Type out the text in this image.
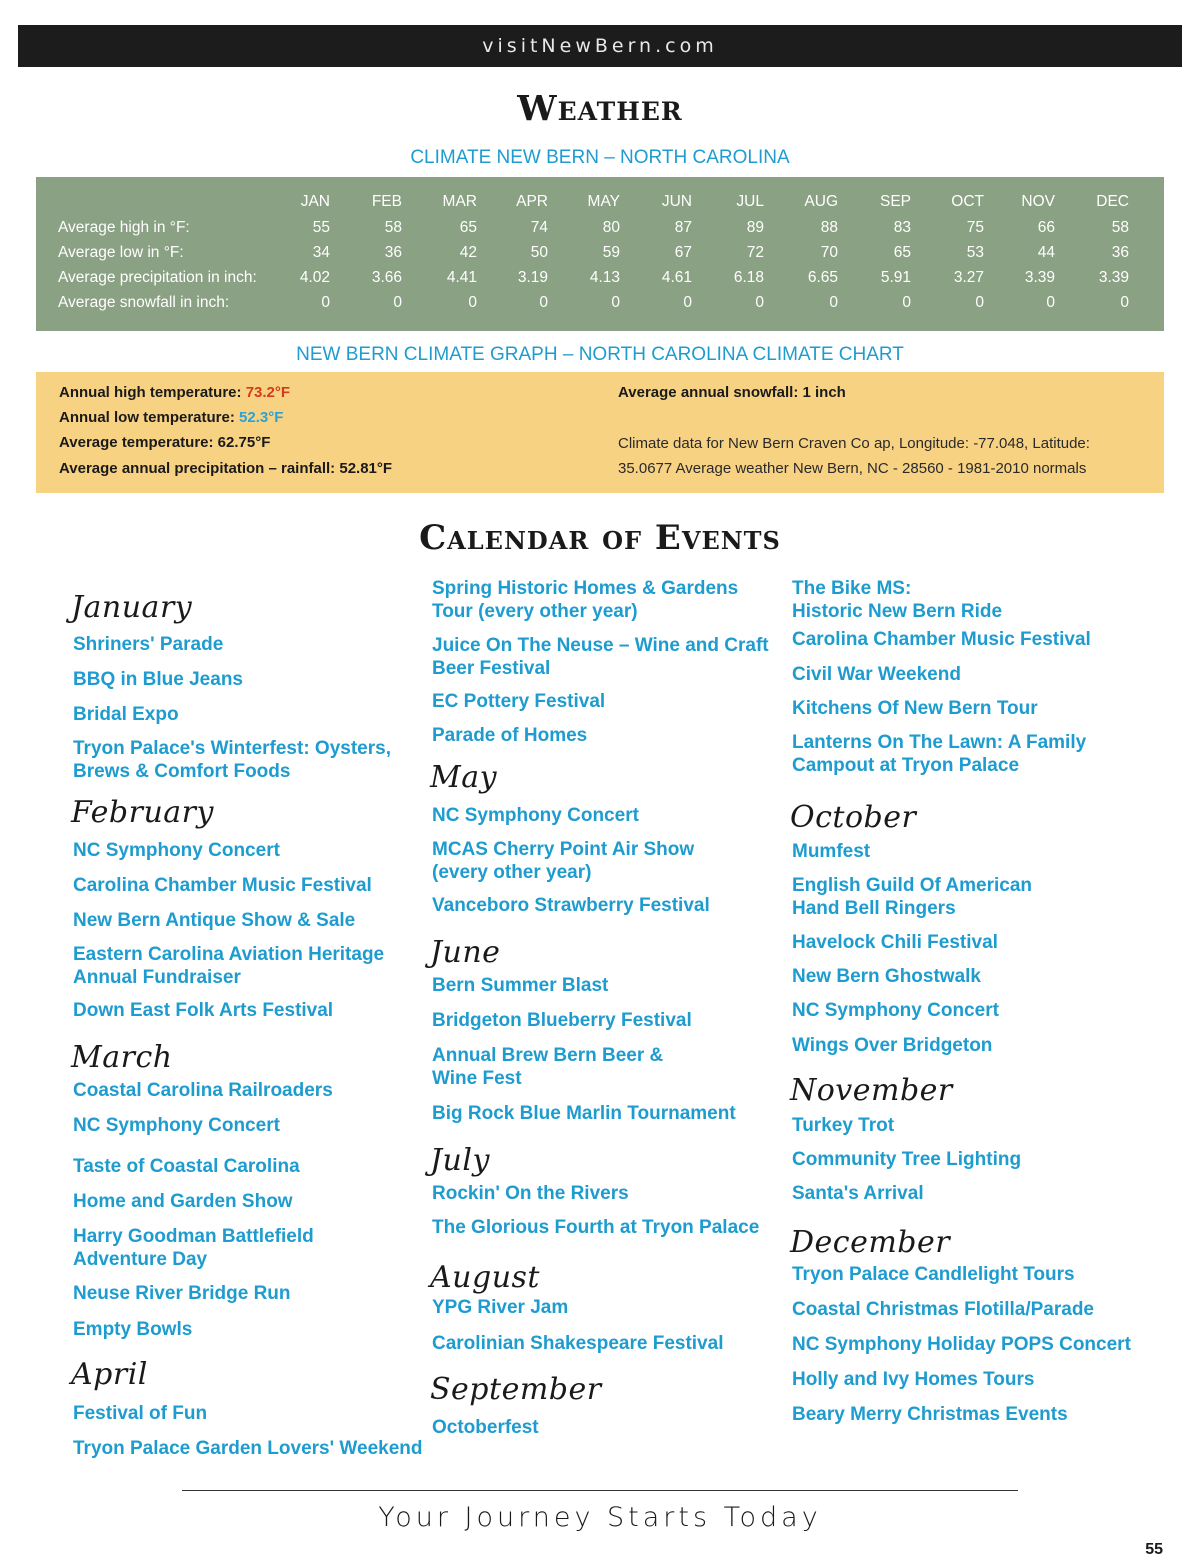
visitNewBern.com
Weather
CLIMATE NEW BERN – NORTH CAROLINA
JAN	FEB	MAR	APR	MAY	JUN	JUL	AUG	SEP	OCT	NOV	DEC
Average high in °F:	55	58	65	74	80	87	89	88	83	75	66	58
Average low in °F:	34	36	42	50	59	67	72	70	65	53	44	36
Average precipitation in inch:	4.02	3.66	4.41	3.19	4.13	4.61	6.18	6.65	5.91	3.27	3.39	3.39
Average snowfall in inch:	0	0	0	0	0	0	0	0	0	0	0	0
NEW BERN CLIMATE GRAPH – NORTH CAROLINA CLIMATE CHART
Annual high temperature: 73.2°F
Annual low temperature: 52.3°F
Average temperature: 62.75°F
Average annual precipitation – rainfall: 52.81°F
Average annual snowfall: 1 inch
Climate data for New Bern Craven Co ap, Longitude: -77.048, Latitude:
35.0677 Average weather New Bern, NC - 28560 - 1981-2010 normals
Calendar of Events
January
Shriners' Parade
BBQ in Blue Jeans
Bridal Expo
Tryon Palace's Winterfest: Oysters,
Brews & Comfort Foods
February
NC Symphony Concert
Carolina Chamber Music Festival
New Bern Antique Show & Sale
Eastern Carolina Aviation Heritage
Annual Fundraiser
Down East Folk Arts Festival
March
Coastal Carolina Railroaders
NC Symphony Concert
Taste of Coastal Carolina
Home and Garden Show
Harry Goodman Battlefield
Adventure Day
Neuse River Bridge Run
Empty Bowls
April
Festival of Fun
Tryon Palace Garden Lovers' Weekend
Spring Historic Homes & Gardens
Tour (every other year)
Juice On The Neuse – Wine and Craft
Beer Festival
EC Pottery Festival
Parade of Homes
May
NC Symphony Concert
MCAS Cherry Point Air Show
(every other year)
Vanceboro Strawberry Festival
June
Bern Summer Blast
Bridgeton Blueberry Festival
Annual Brew Bern Beer &
Wine Fest
Big Rock Blue Marlin Tournament
July
Rockin' On the Rivers
The Glorious Fourth at Tryon Palace
August
YPG River Jam
Carolinian Shakespeare Festival
September
Octoberfest
The Bike MS:
Historic New Bern Ride
Carolina Chamber Music Festival
Civil War Weekend
Kitchens Of New Bern Tour
Lanterns On The Lawn: A Family
Campout at Tryon Palace
October
Mumfest
English Guild Of American
Hand Bell Ringers
Havelock Chili Festival
New Bern Ghostwalk
NC Symphony Concert
Wings Over Bridgeton
November
Turkey Trot
Community Tree Lighting
Santa's Arrival
December
Tryon Palace Candlelight Tours
Coastal Christmas Flotilla/Parade
NC Symphony Holiday POPS Concert
Holly and Ivy Homes Tours
Beary Merry Christmas Events
Your Journey Starts Today
55
